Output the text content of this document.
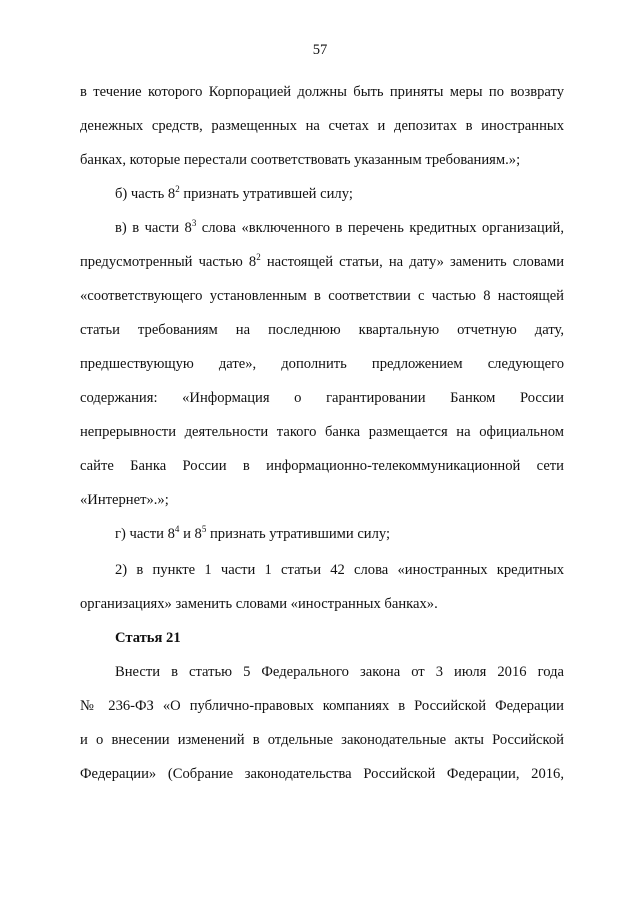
57
в течение которого Корпорацией должны быть приняты меры по возврату
денежных средств, размещенных на счетах и депозитах в иностранных
банках, которые перестали соответствовать указанным требованиям.»;
б) часть $8^2$ признать утратившей силу;
в) в части $8^3$ слова «включенного в перечень кредитных организаций,
предусмотренный частью $8^2$ настоящей статьи, на дату» заменить словами
«соответствующего установленным в соответствии с частью 8 настоящей
статьи требованиям на последнюю квартальную отчетную дату,
предшествующую дате», дополнить предложением следующего
содержания: «Информация о гарантировании Банком России
непрерывности деятельности такого банка размещается на официальном
сайте Банка России в информационно-телекоммуникационной сети
«Интернет».»;
г) части $8^4$ и $8^5$ признать утратившими силу;
2) в пункте 1 части 1 статьи 42 слова «иностранных кредитных
организациях» заменить словами «иностранных банках».
Статья 21
Внести в статью 5 Федерального закона от 3 июля 2016 года
№ 236-ФЗ «О публично-правовых компаниях в Российской Федерации
и о внесении изменений в отдельные законодательные акты Российской
Федерации» (Собрание законодательства Российской Федерации, 2016,
